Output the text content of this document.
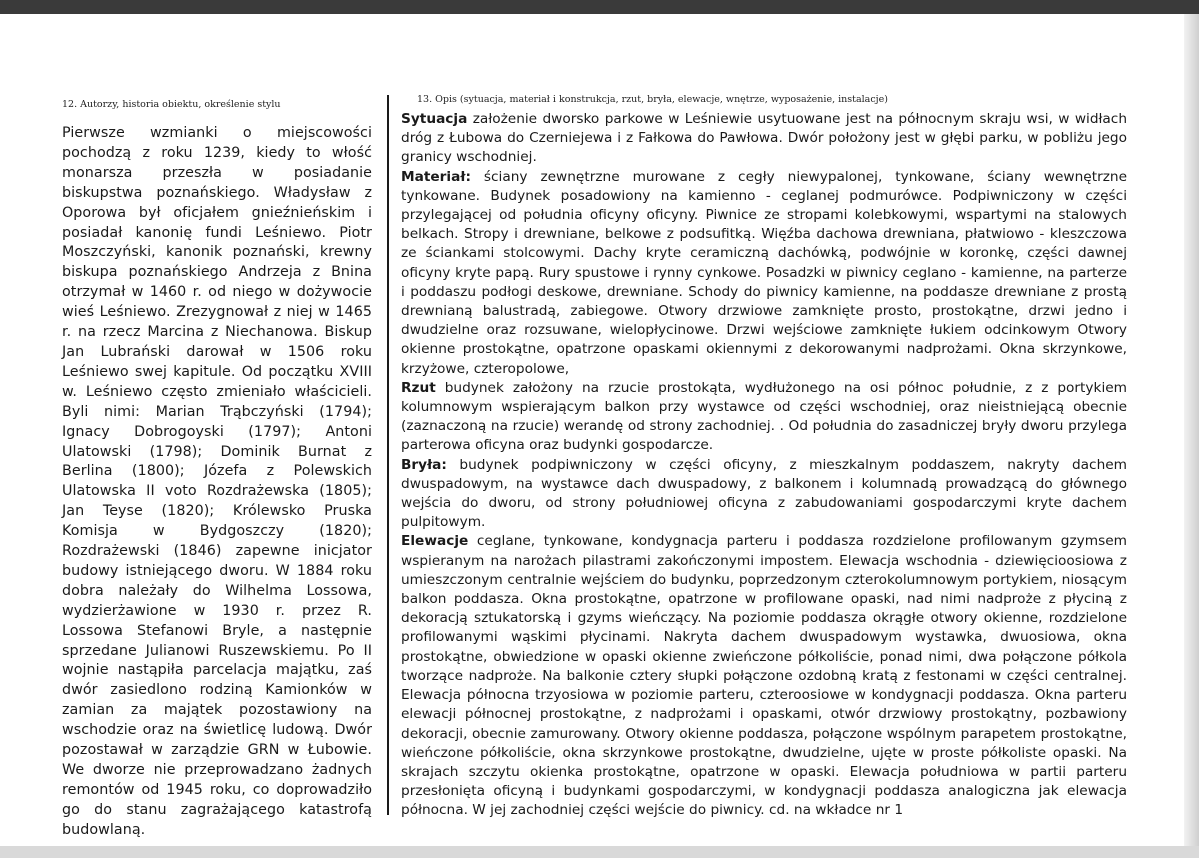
12. Autorzy, historia obiektu, określenie stylu

Pierwsze wzmianki o miejscowości pochodzą z roku 1239, kiedy to włość monarsza przeszła w posiadanie biskupstwa poznańskiego. Władysław z Oporowa był oficjałem gnieźnieńskim i posiadał kanonię fundi Leśniewo. Piotr Moszczyński, kanonik poznański, krewny biskupa poznańskiego Andrzeja z Bnina otrzymał w 1460 r. od niego w dożywocie wieś Leśniewo. Zrezygnował z niej w 1465 r. na rzecz Marcina z Niechanowa. Biskup Jan Lubrański darował w 1506 roku Leśniewo swej kapitule. Od początku XVIII w. Leśniewo często zmieniało właścicieli. Byli nimi: Marian Trąbczyński (1794); Ignacy Dobrogoyski (1797); Antoni Ulatowski (1798); Dominik Burnat z Berlina (1800); Józefa z Polewskich Ulatowska II voto Rozdrażewska (1805); Jan Teyse (1820); Królewsko Pruska Komisja w Bydgoszczy (1820); Rozdrażewski (1846) zapewne inicjator budowy istniejącego dworu. W 1884 roku dobra należały do Wilhelma Lossowa, wydzierżawione w 1930 r. przez R. Lossowa Stefanowi Bryle, a następnie sprzedane Julianowi Ruszewskiemu. Po II wojnie nastąpiła parcelacja majątku, zaś dwór zasiedlono rodziną Kamionków w zamian za majątek pozostawiony na wschodzie oraz na świetlicę ludową. Dwór pozostawał w zarządzie GRN w Łubowie. We dworze nie przeprowadzano żadnych remontów od 1945 roku, co doprowadziło go do stanu zagrażającego katastrofą budowlaną.

13. Opis (sytuacja, materiał i konstrukcja, rzut, bryła, elewacje, wnętrze, wyposażenie, instalacje)

Sytuacja założenie dworsko parkowe w Leśniewie usytuowane jest na północnym skraju wsi, w widłach dróg z Łubowa do Czerniejewa i z Fałkowa do Pawłowa. Dwór położony jest w głębi parku, w pobliżu jego granicy wschodniej.

Materiał: ściany zewnętrzne murowane z cegły niewypalonej, tynkowane, ściany wewnętrzne tynkowane. Budynek posadowiony na kamienno - ceglanej podmurówce. Podpiwniczony w części przylegającej od południa oficyny oficyny. Piwnice ze stropami kolebkowymi, wspartymi na stalowych belkach. Stropy i drewniane, belkowe z podsufitką. Więźba dachowa drewniana, płatwiowo - kleszczowa ze ściankami stolcowymi. Dachy kryte ceramiczną dachówką, podwójnie w koronkę, części dawnej oficyny kryte papą. Rury spustowe i rynny cynkowe. Posadzki w piwnicy ceglano - kamienne, na parterze i poddaszu podłogi deskowe, drewniane. Schody do piwnicy kamienne, na poddasze drewniane z prostą drewnianą balustradą, zabiegowe. Otwory drzwiowe zamknięte prosto, prostokątne, drzwi jedno i dwudzielne oraz rozsuwane, wielopłycinowe. Drzwi wejściowe zamknięte łukiem odcinkowym Otwory okienne prostokątne, opatrzone opaskami okiennymi z dekorowanymi nadprożami. Okna skrzynkowe, krzyżowe, czteropolowe,

Rzut budynek założony na rzucie prostokąta, wydłużonego na osi północ południe, z z portykiem kolumnowym wspierającym balkon przy wystawce od części wschodniej, oraz nieistniejącą obecnie (zaznaczoną na rzucie) werandę od strony zachodniej. . Od południa do zasadniczej bryły dworu przylega parterowa oficyna oraz budynki gospodarcze.

Bryła: budynek podpiwniczony w części oficyny, z mieszkalnym poddaszem, nakryty dachem dwuspadowym, na wystawce dach dwuspadowy, z balkonem i kolumnadą prowadzącą do głównego wejścia do dworu, od strony południowej oficyna z zabudowaniami gospodarczymi kryte dachem pulpitowym.

Elewacje ceglane, tynkowane, kondygnacja parteru i poddasza rozdzielone profilowanym gzymsem wspieranym na narożach pilastrami zakończonymi impostem. Elewacja wschodnia - dziewięcioosiowa z umieszczonym centralnie wejściem do budynku, poprzedzonym czterokolumnowym portykiem, niosącym balkon poddasza. Okna prostokątne, opatrzone w profilowane opaski, nad nimi nadproże z płyciną z dekoracją sztukatorską i gzyms wieńczący. Na poziomie poddasza okrągłe otwory okienne, rozdzielone profilowanymi wąskimi płycinami. Nakryta dachem dwuspadowym wystawka, dwuosiowa, okna prostokątne, obwiedzione w opaski okienne zwieńczone półkoliście, ponad nimi, dwa połączone półkola tworzące nadproże. Na balkonie cztery słupki połączone ozdobną kratą z festonami w części centralnej. Elewacja północna trzyosiowa w poziomie parteru, czteroosiowe w kondygnacji poddasza. Okna parteru elewacji północnej prostokątne, z nadprożami i opaskami, otwór drzwiowy prostokątny, pozbawiony dekoracji, obecnie zamurowany. Otwory okienne poddasza, połączone wspólnym parapetem prostokątne, wieńczone półkoliście, okna skrzynkowe prostokątne, dwudzielne, ujęte w proste półkoliste opaski. Na skrajach szczytu okienka prostokątne, opatrzone w opaski. Elewacja południowa w partii parteru przesłonięta oficyną i budynkami gospodarczymi, w kondygnacji poddasza analogiczna jak elewacja północna. W jej zachodniej części wejście do piwnicy. cd. na wkładce nr 1
